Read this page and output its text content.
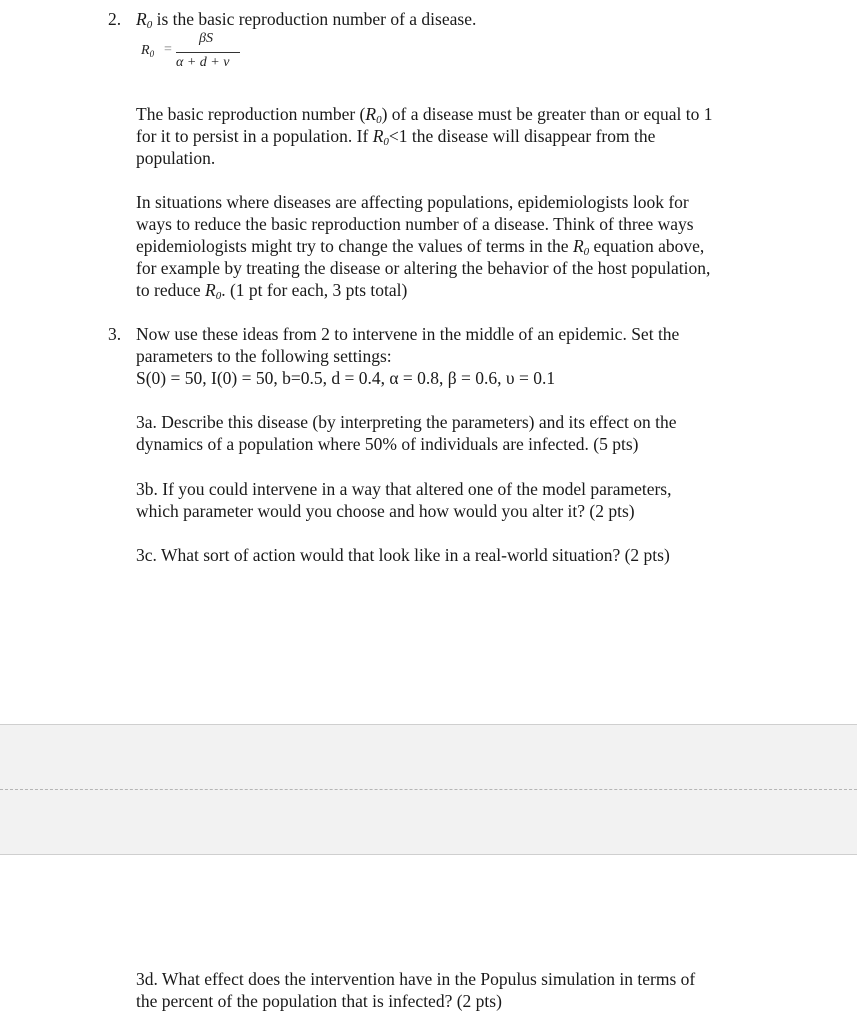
2. $R_0$ is the basic reproduction number of a disease.
$R_0$ =
βS
α + d + v
The basic reproduction number $(R_0)$ of a disease must be greater than or equal to 1
for it to persist in a population. If $R_0<1$ the disease will disappear from the
population.
In situations where diseases are affecting populations, epidemiologists look for
ways to reduce the basic reproduction number of a disease. Think of three ways
epidemiologists might try to change the values of terms in the $R_0$ equation above,
for example by treating the disease or altering the behavior of the host population,
to reduce $R_0$. (1 pt for each, 3 pts total)
3. Now use these ideas from 2 to intervene in the middle of an epidemic. Set the
parameters to the following settings:
S(0) = 50, I(0) = 50, b=0.5, d = 0.4, α = 0.8, β = 0.6, υ = 0.1
3a. Describe this disease (by interpreting the parameters) and its effect on the
dynamics of a population where 50% of individuals are infected. (5 pts)
3b. If you could intervene in a way that altered one of the model parameters,
which parameter would you choose and how would you alter it? (2 pts)
3c. What sort of action would that look like in a real-world situation? (2 pts)
3d. What effect does the intervention have in the Populus simulation in terms of
the percent of the population that is infected? (2 pts)
